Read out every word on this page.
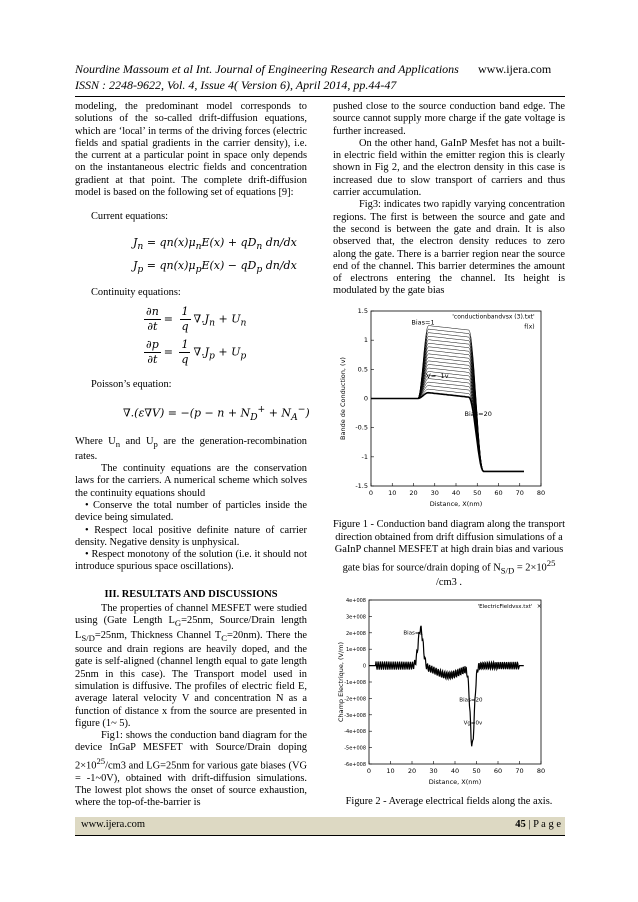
Nourdine Massoum et al Int. Journal of Engineering Research and Applications www.ijera.com
ISSN : 2248-9622, Vol. 4, Issue 4( Version 6), April 2014, pp.44-47

modeling, the predominant model corresponds to solutions of the so-called drift-diffusion equations, which are ‘local’ in terms of the driving forces (electric fields and spatial gradients in the carrier density), i.e. the current at a particular point in space only depends on the instantaneous electric fields and concentration gradient at that point. The complete drift-diffusion model is based on the following set of equations [9]:

Current equations:

$J_n = qn(x)\mu_nE(x) + qD_n$ dn/dx
$J_p = qn(x)\mu_pE(x) - qD_p$ dn/dx

Continuity equations:

$\frac{\partial n}{\partial t} = \frac{1}{q} \nabla.J_n + U_n$
$\frac{\partial p}{\partial t} = \frac{1}{q} \nabla.J_p + U_p$

Poisson’s equation:

$\nabla.(\varepsilon\nabla V) = -(p - n + N_D^+ + N_A^-)$

Where $U_n$ and $U_p$ are the generation-recombination rates.

The continuity equations are the conservation laws for the carriers. A numerical scheme which solves the continuity equations should

• Conserve the total number of particles inside the device being simulated.

• Respect local positive definite nature of carrier density. Negative density is unphysical.

• Respect monotony of the solution (i.e. it should not introduce spurious space oscillations).

III. RESULTATS AND DISCUSSIONS

The properties of channel MESFET were studied using (Gate Length $L_G=25nm$, Source/Drain length $L_{S/D}=25nm$, Thickness Channel $T_C=20nm$). There the source and drain regions are heavily doped, and the gate is self-aligned (channel length equal to gate length 25nm in this case). The Transport model used in simulation is diffusive. The profiles of electric field E, average lateral velocity V and concentration N as a function of distance x from the source are presented in figure (1~ 5).

Fig1: shows the conduction band diagram for the device InGaP MESFET with Source/Drain doping $2\times 10^{25}/cm3$ and LG=25nm for various gate biases (VG = -1~0V), obtained with drift-diffusion simulations. The lowest plot shows the onset of source exhaustion, where the top-of-the-barrier is

pushed close to the source conduction band edge. The source cannot supply more charge if the gate voltage is further increased.

On the other hand, GaInP Mesfet has not a built-in electric field within the emitter region this is clearly shown in Fig 2, and the electron density in this case is increased due to slow transport of carriers and thus carrier accumulation.

Fig3: indicates two rapidly varying concentration regions. The first is between the source and gate and the second is between the gate and drain. It is also observed that, the electron density reduces to zero along the gate. There is a barrier region near the source end of the channel. This barrier determines the amount of electrons entering the channel. Its height is modulated by the gate bias

0 10 20 30 40 50 60 70 80
1.5
1
0.5
0
-0.5
-1
-1.5
Distance, X(nm)
Bande de Conduction, (v)
Bias=1
V= -1v
Bias=20
'conductionbandvsx (3).txt'
f(x)
Figure 1 - Conduction band diagram along the transport direction obtained from drift diffusion simulations of a GaInP channel MESFET at high drain bias and various gate bias for source/drain doping of $N_{S/D} = 2\times 10^{25}$ /cm3 .
0 10 20 30 40 50 60 70 80
4e+008
3e+008
2e+008
1e+008
0
-1e+008
-2e+008
-3e+008
-4e+008
-5e+008
-6e+008
Distance, X(nm)
Champ Electrique, (V/m)
Bias=1
Bias=20
Vg=0v
'ElectricFieldvsx.txt' ×
Figure 2 - Average electrical fields along the axis.
www.ijera.com	45 | P a g e
